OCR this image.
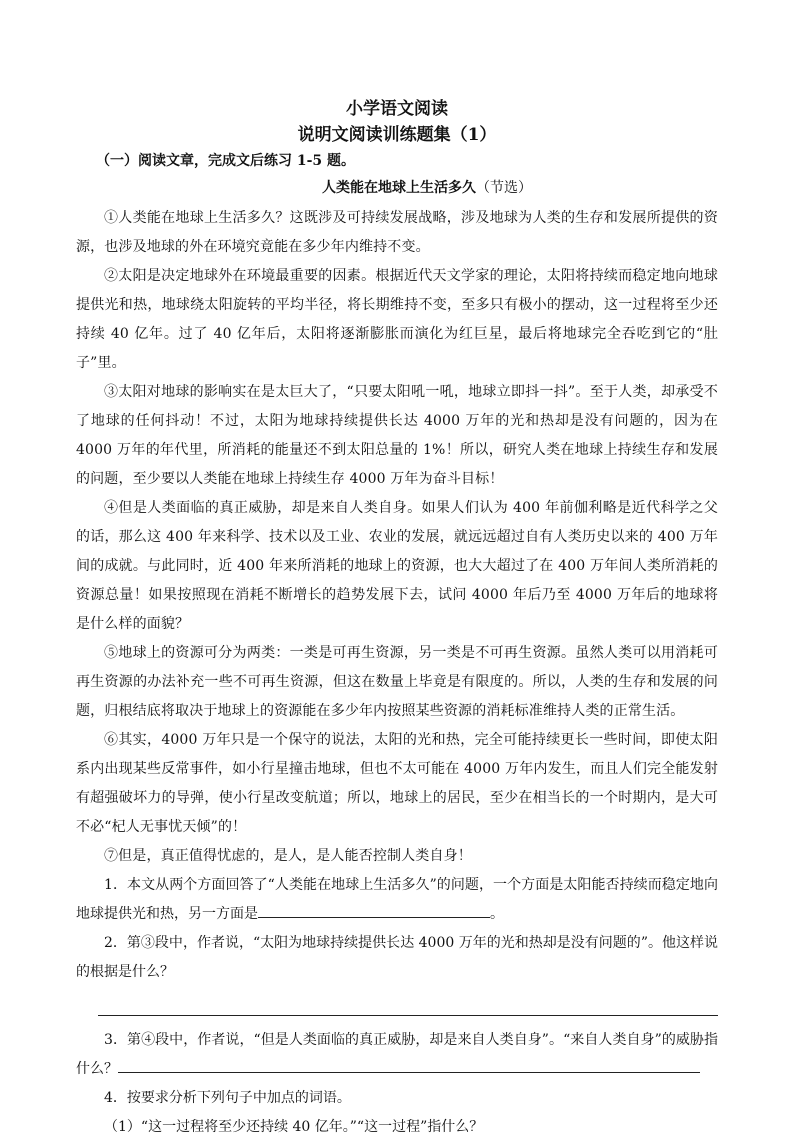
小学语文阅读
说明文阅读训练题集（1）
（一）阅读文章，完成文后练习 1-5 题。
人类能在地球上生活多久（节选）

①人类能在地球上生活多久？这既涉及可持续发展战略，涉及地球为人类的生存和发展所提供的资源，也涉及地球的外在环境究竟能在多少年内维持不变。

②太阳是决定地球外在环境最重要的因素。根据近代天文学家的理论，太阳将持续而稳定地向地球提供光和热，地球绕太阳旋转的平均半径，将长期维持不变，至多只有极小的摆动，这一过程将至少还持续 40 亿年。过了 40 亿年后，太阳将逐渐膨胀而演化为红巨星，最后将地球完全吞吃到它的“肚子”里。

③太阳对地球的影响实在是太巨大了，“只要太阳吼一吼，地球立即抖一抖”。至于人类，却承受不了地球的任何抖动！不过，太阳为地球持续提供长达 4000 万年的光和热却是没有问题的，因为在 4000 万年的年代里，所消耗的能量还不到太阳总量的 1%！所以，研究人类在地球上持续生存和发展的问题，至少要以人类能在地球上持续生存 4000 万年为奋斗目标！

④但是人类面临的真正威胁，却是来自人类自身。如果人们认为 400 年前伽利略是近代科学之父的话，那么这 400 年来科学、技术以及工业、农业的发展，就远远超过自有人类历史以来的 400 万年间的成就。与此同时，近 400 年来所消耗的地球上的资源，也大大超过了在 400 万年间人类所消耗的资源总量！如果按照现在消耗不断增长的趋势发展下去，试问 4000 年后乃至 4000 万年后的地球将是什么样的面貌？

⑤地球上的资源可分为两类：一类是可再生资源，另一类是不可再生资源。虽然人类可以用消耗可再生资源的办法补充一些不可再生资源，但这在数量上毕竟是有限度的。所以，人类的生存和发展的问题，归根结底将取决于地球上的资源能在多少年内按照某些资源的消耗标准维持人类的正常生活。

⑥其实，4000 万年只是一个保守的说法，太阳的光和热，完全可能持续更长一些时间，即使太阳系内出现某些反常事件，如小行星撞击地球，但也不太可能在 4000 万年内发生，而且人们完全能发射有超强破坏力的导弹，使小行星改变航道；所以，地球上的居民，至少在相当长的一个时期内，是大可不必“杞人无事忧天倾”的！

⑦但是，真正值得忧虑的，是人，是人能否控制人类自身！

1．本文从两个方面回答了“人类能在地球上生活多久”的问题，一个方面是太阳能否持续而稳定地向地球提供光和热，另一方面是	。

2．第③段中，作者说，“太阳为地球持续提供长达 4000 万年的光和热却是没有问题的”。他这样说的根据是什么？

3．第④段中，作者说，“但是人类面临的真正威胁，却是来自人类自身”。“来自人类自身”的威胁指什么？

4．按要求分析下列句子中加点的词语。

（1）“这一过程将至少还持续 40 亿年。”“这一过程”指什么？
